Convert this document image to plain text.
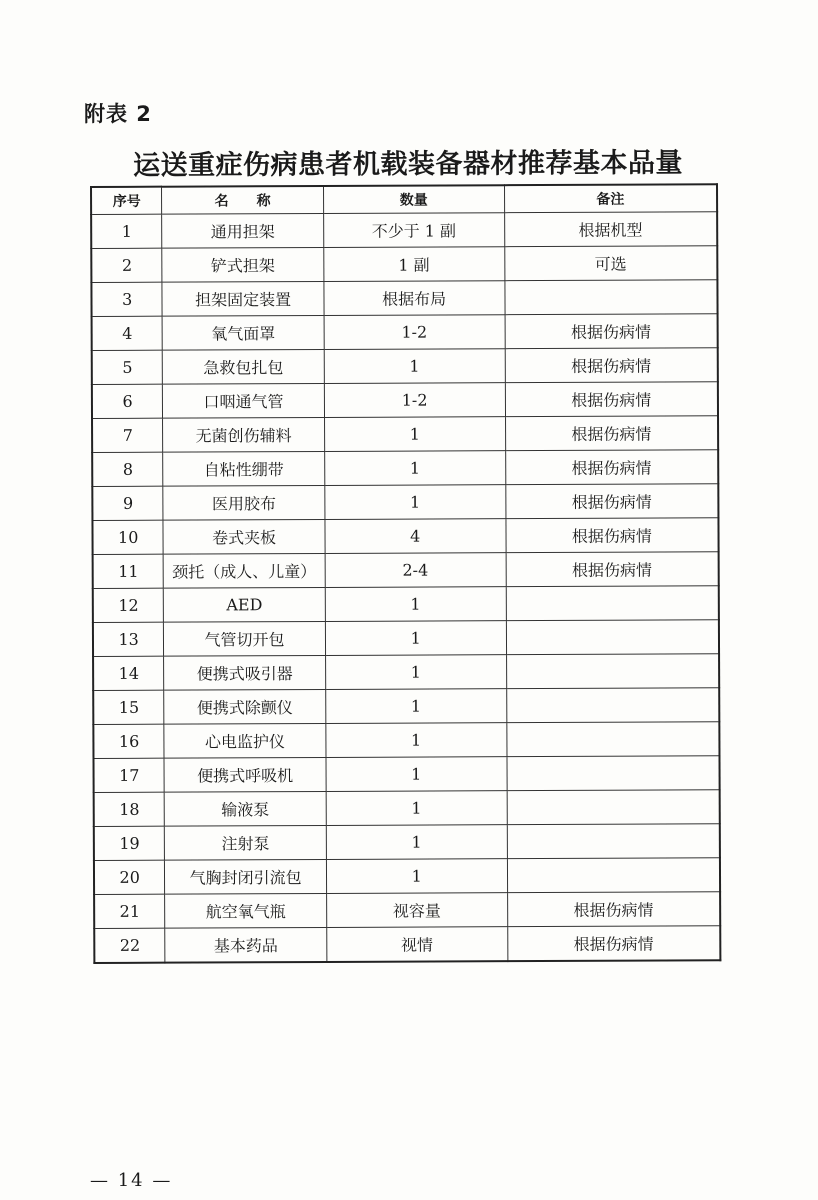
附表 2
运送重症伤病患者机载装备器材推荐基本品量
序号	名　　称	数量	备注
1	通用担架	不少于 1 副	根据机型
2	铲式担架	1 副	可选
3	担架固定装置	根据布局	
4	氧气面罩	1-2	根据伤病情
5	急救包扎包	1	根据伤病情
6	口咽通气管	1-2	根据伤病情
7	无菌创伤辅料	1	根据伤病情
8	自粘性绷带	1	根据伤病情
9	医用胶布	1	根据伤病情
10	卷式夹板	4	根据伤病情
11	颈托（成人、儿童）	2-4	根据伤病情
12	AED	1	
13	气管切开包	1	
14	便携式吸引器	1	
15	便携式除颤仪	1	
16	心电监护仪	1	
17	便携式呼吸机	1	
18	输液泵	1	
19	注射泵	1	
20	气胸封闭引流包	1	
21	航空氧气瓶	视容量	根据伤病情
22	基本药品	视情	根据伤病情
— 14 —
